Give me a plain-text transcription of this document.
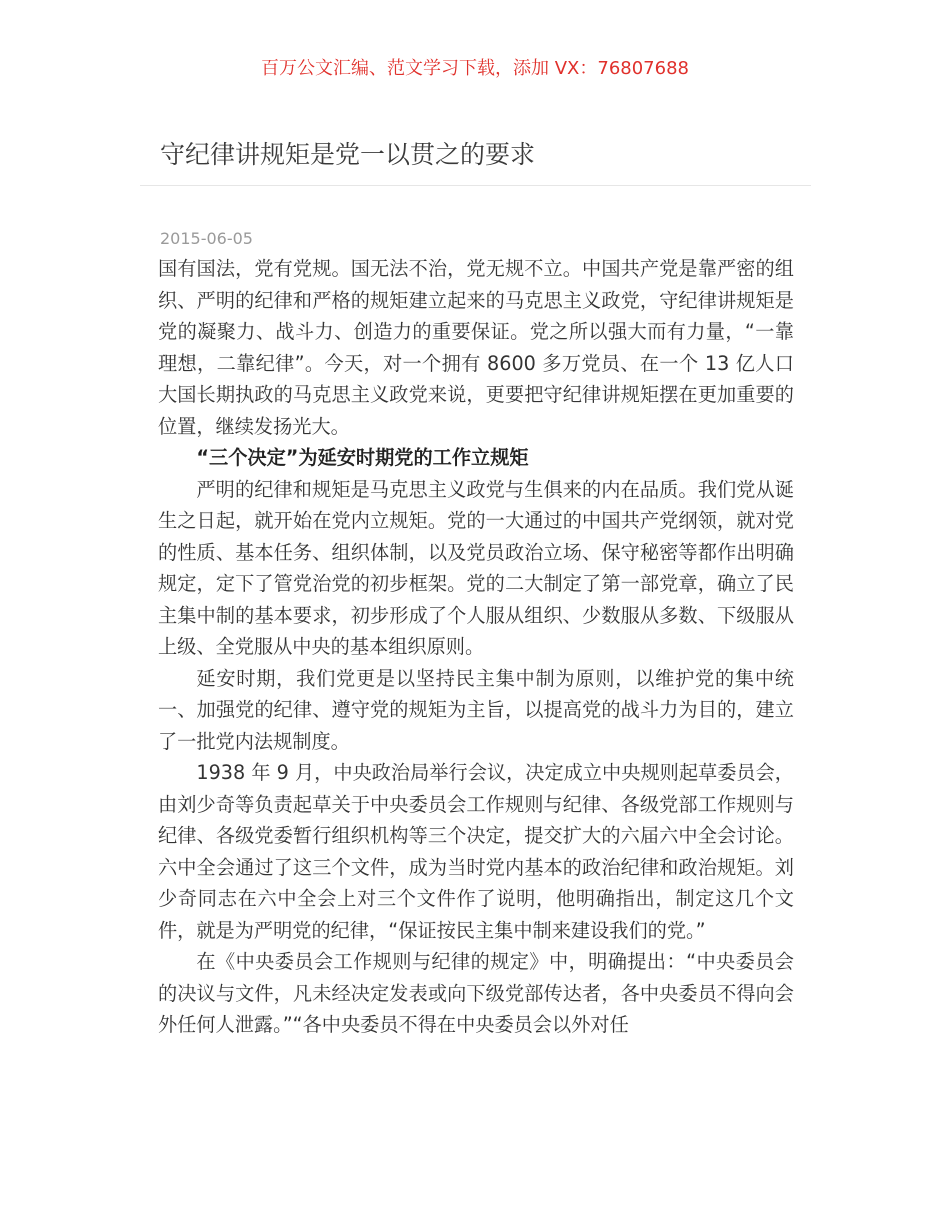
百万公文汇编、范文学习下载，添加 VX：76807688
守纪律讲规矩是党一以贯之的要求
2015-06-05

国有国法，党有党规。国无法不治，党无规不立。中国共产党是靠严密的组织、严明的纪律和严格的规矩建立起来的马克思主义政党，守纪律讲规矩是党的凝聚力、战斗力、创造力的重要保证。党之所以强大而有力量，“一靠理想，二靠纪律”。今天，对一个拥有 8600 多万党员、在一个 13 亿人口大国长期执政的马克思主义政党来说，更要把守纪律讲规矩摆在更加重要的位置，继续发扬光大。

“三个决定”为延安时期党的工作立规矩

严明的纪律和规矩是马克思主义政党与生俱来的内在品质。我们党从诞生之日起，就开始在党内立规矩。党的一大通过的中国共产党纲领，就对党的性质、基本任务、组织体制，以及党员政治立场、保守秘密等都作出明确规定，定下了管党治党的初步框架。党的二大制定了第一部党章，确立了民主集中制的基本要求，初步形成了个人服从组织、少数服从多数、下级服从上级、全党服从中央的基本组织原则。

延安时期，我们党更是以坚持民主集中制为原则，以维护党的集中统一、加强党的纪律、遵守党的规矩为主旨，以提高党的战斗力为目的，建立了一批党内法规制度。

1938 年 9 月，中央政治局举行会议，决定成立中央规则起草委员会，由刘少奇等负责起草关于中央委员会工作规则与纪律、各级党部工作规则与纪律、各级党委暂行组织机构等三个决定，提交扩大的六届六中全会讨论。六中全会通过了这三个文件，成为当时党内基本的政治纪律和政治规矩。刘少奇同志在六中全会上对三个文件作了说明，他明确指出，制定这几个文件，就是为严明党的纪律，“保证按民主集中制来建设我们的党。”

在《中央委员会工作规则与纪律的规定》中，明确提出：“中央委员会的决议与文件，凡未经决定发表或向下级党部传达者，各中央委员不得向会外任何人泄露。”“各中央委员不得在中央委员会以外对任
